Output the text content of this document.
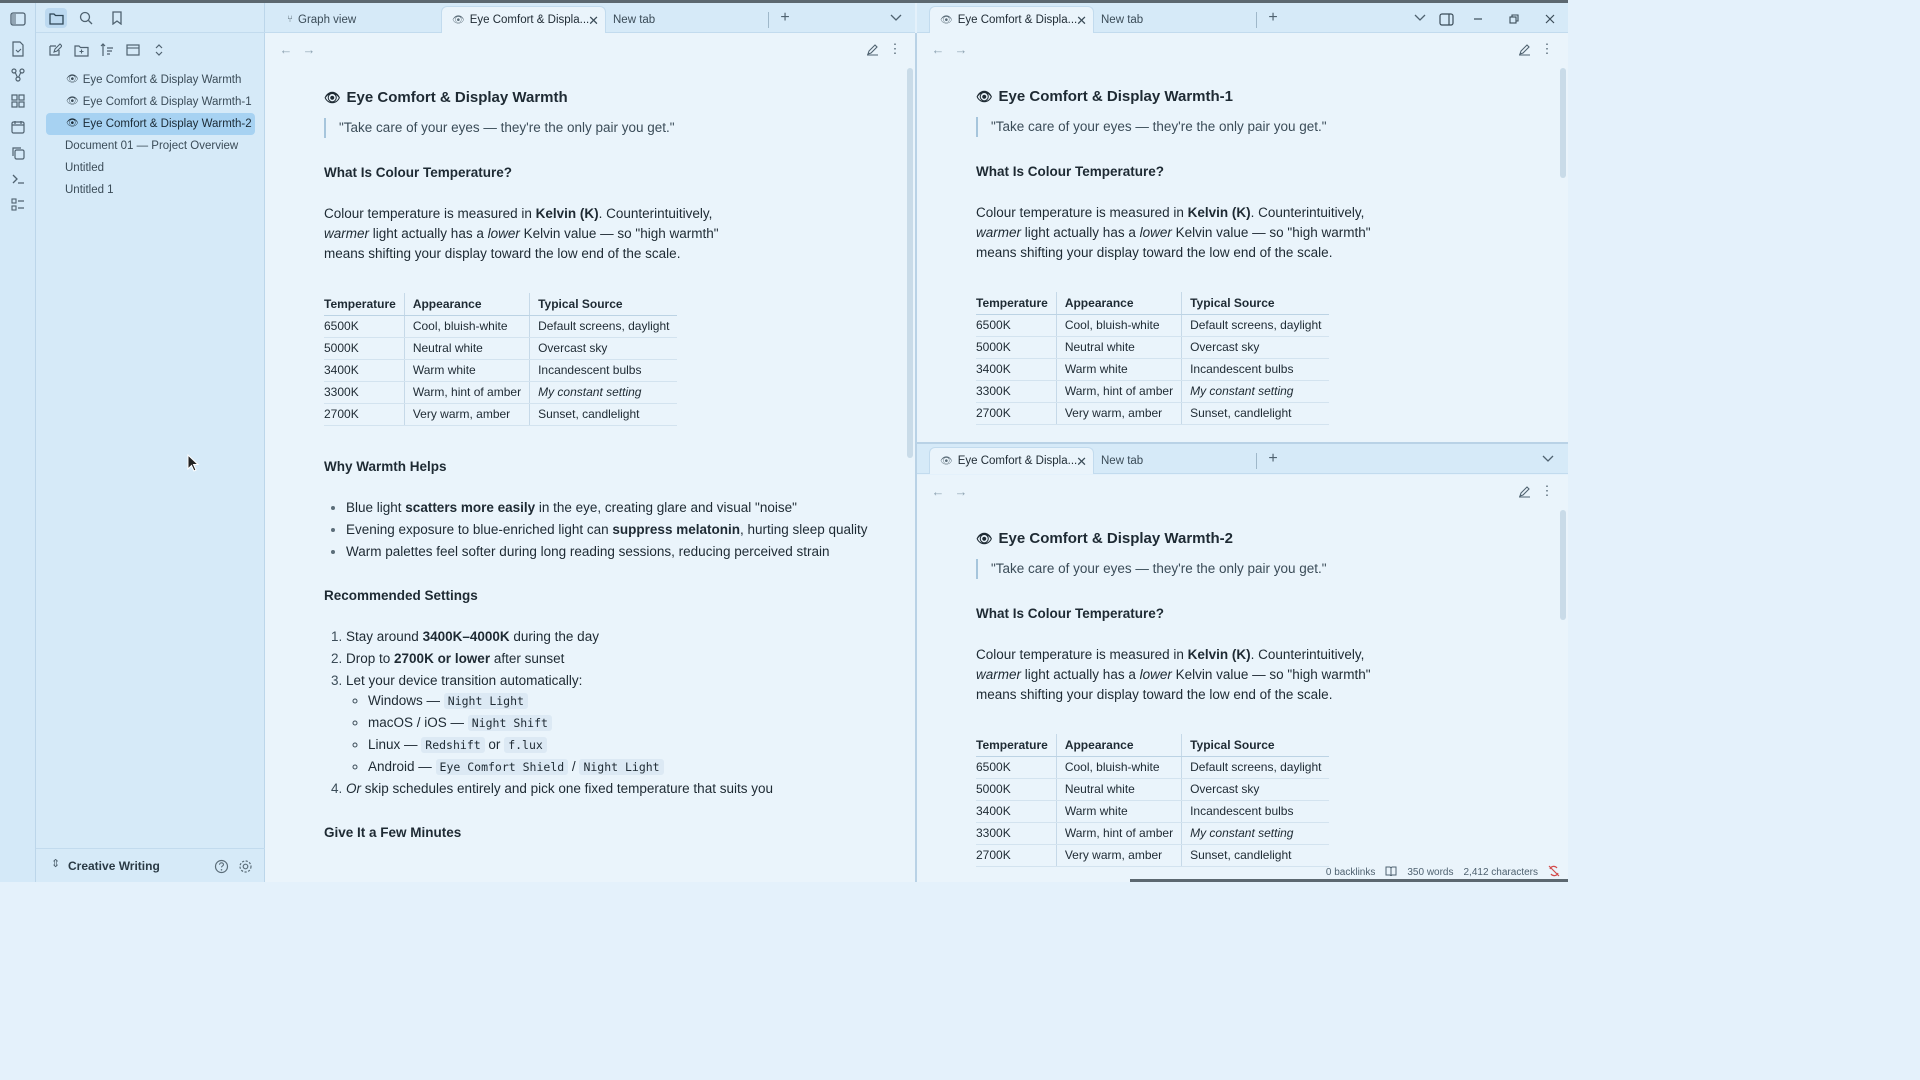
👁 Eye Comfort & Display Warmth
👁 Eye Comfort & Display Warmth-1
👁 Eye Comfort & Display Warmth-2
Document 01 — Project Overview
Untitled
Untitled 1
⇕ Creative Writing
⑂ Graph view	👁 Eye Comfort & Displa...
✕ New tab	+	👁 Eye Comfort & Displa...
✕ New tab	+
← →	⋮
👁 Eye Comfort & Display Warmth
"Take care of your eyes — they're the only pair you get."
What Is Colour Temperature?

Colour temperature is measured in Kelvin (K). Counterintuitively,
warmer light actually has a lower Kelvin value — so "high warmth"
means shifting your display toward the low end of the scale.

Temperature	Appearance	Typical Source
6500K	Cool, bluish-white	Default screens, daylight
5000K	Neutral white	Overcast sky
3400K	Warm white	Incandescent bulbs
3300K	Warm, hint of amber	My constant setting
2700K	Very warm, amber	Sunset, candlelight
Why Warmth Helps
• Blue light scatters more easily in the eye, creating glare and visual "noise"
• Evening exposure to blue-enriched light can suppress melatonin, hurting sleep quality
• Warm palettes feel softer during long reading sessions, reducing perceived strain
Recommended Settings
1. Stay around 3400K–4000K during the day
2. Drop to 2700K or lower after sunset
3. Let your device transition automatically:
◦ Windows — Night Light
◦ macOS / iOS — Night Shift
◦ Linux — Redshift or f.lux
◦ Android — Eye Comfort Shield / Night Light
4. Or skip schedules entirely and pick one fixed temperature that suits you
Give It a Few Minutes
← →	⋮
👁 Eye Comfort & Display Warmth-1
"Take care of your eyes — they're the only pair you get."
What Is Colour Temperature?

Colour temperature is measured in Kelvin (K). Counterintuitively,
warmer light actually has a lower Kelvin value — so "high warmth"
means shifting your display toward the low end of the scale.

Temperature	Appearance	Typical Source
6500K	Cool, bluish-white	Default screens, daylight
5000K	Neutral white	Overcast sky
3400K	Warm white	Incandescent bulbs
3300K	Warm, hint of amber	My constant setting
2700K	Very warm, amber	Sunset, candlelight
👁 Eye Comfort & Displa...
✕ New tab	+
← →	⋮
👁 Eye Comfort & Display Warmth-2
"Take care of your eyes — they're the only pair you get."
What Is Colour Temperature?

Colour temperature is measured in Kelvin (K). Counterintuitively,
warmer light actually has a lower Kelvin value — so "high warmth"
means shifting your display toward the low end of the scale.

Temperature	Appearance	Typical Source
6500K	Cool, bluish-white	Default screens, daylight
5000K	Neutral white	Overcast sky
3400K	Warm white	Incandescent bulbs
3300K	Warm, hint of amber	My constant setting
2700K	Very warm, amber	Sunset, candlelight
0 backlinks	350 words 2,412 characters
